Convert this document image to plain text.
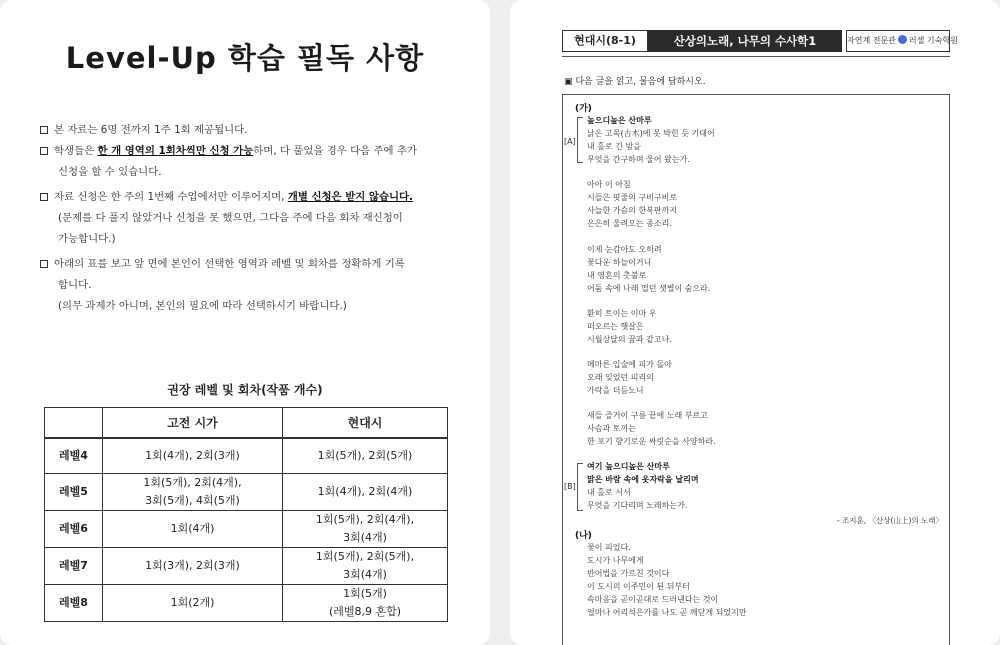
Level-Up 학습 필독 사항
본 자료는 6명 전까지 1주 1회 제공됩니다.
학생들은 한 개 영역의 1회차씩만 신청 가능하며, 다 풀었을 경우 다음 주에 추가
신청을 할 수 있습니다.
자료 신청은 한 주의 1번째 수업에서만 이루어지며, 개별 신청은 받지 않습니다.
(문제를 다 풀지 않았거나 신청을 못 했으면, 그다음 주에 다음 회차 재신청이
가능합니다.)
아래의 표를 보고 앞 면에 본인이 선택한 영역과 레벨 및 회차를 정확하게 기록
합니다.
(의무 과제가 아니며, 본인의 필요에 따라 선택하시기 바랍니다.)
권장 레벨 및 회차(작품 개수)
	고전 시가	현대시
레벨4	1회(4개), 2회(3개)	1회(5개), 2회(5개)
레벨5	1회(5개), 2회(4개),
3회(5개), 4회(5개)	1회(4개), 2회(4개)
레벨6	1회(4개)	1회(5개), 2회(4개),
3회(4개)

레벨7	1회(3개), 2회(3개)	1회(5개), 2회(5개),
3회(4개)

레벨8	1회(2개)	1회(5개)
(레벨8,9 혼합)
현대시(8-1)	산상의노래, 나무의 수사학1	자연계 전문관 러셀 기숙학원
▣ 다음 글을 읽고, 물음에 답하시오.
(가)
[A]
높으디높은 산마루
낡은 고목(古木)에 못 박힌 듯 기대어
내 홀로 긴 밤을
무엇을 간구하며 울어 왔는가.
아아 이 아침
시들은 핏줄의 구비구비로
사늘한 가슴의 한복판까지
은은히 울려오는 종소리.
이제 눈감아도 오히려
꽃다운 하늘이거니
내 영혼의 촛불로
어둠 속에 나래 떨던 샛별이 숨으라.
환히 트이는 이마 우
떠오르는 햇살은
시월상달의 꿈과 같고나.
메마른 입술에 피가 돌아
오래 잊었던 피리의
가락을 더듬노니
새들 즐거이 구름 끝에 노래 부르고
사슴과 토끼는
한 포기 향기로운 싸릿순을 사양하라.
[B]
여기 높으디높은 산마루
맑은 바람 속에 옷자락을 날리며
내 홀로 서서
무엇을 기다리며 노래하는가.
- 조지훈, 〈산상(山上)의 노래〉
(나)
꽃이 피었다.
도시가 나무에게
반어법을 가르친 것이다
이 도시의 이주민이 된 뒤부터
속마음을 곧이곧대로 드러낸다는 것이
얼마나 어리석은가를 나도 곧 깨닫게 되었지만
